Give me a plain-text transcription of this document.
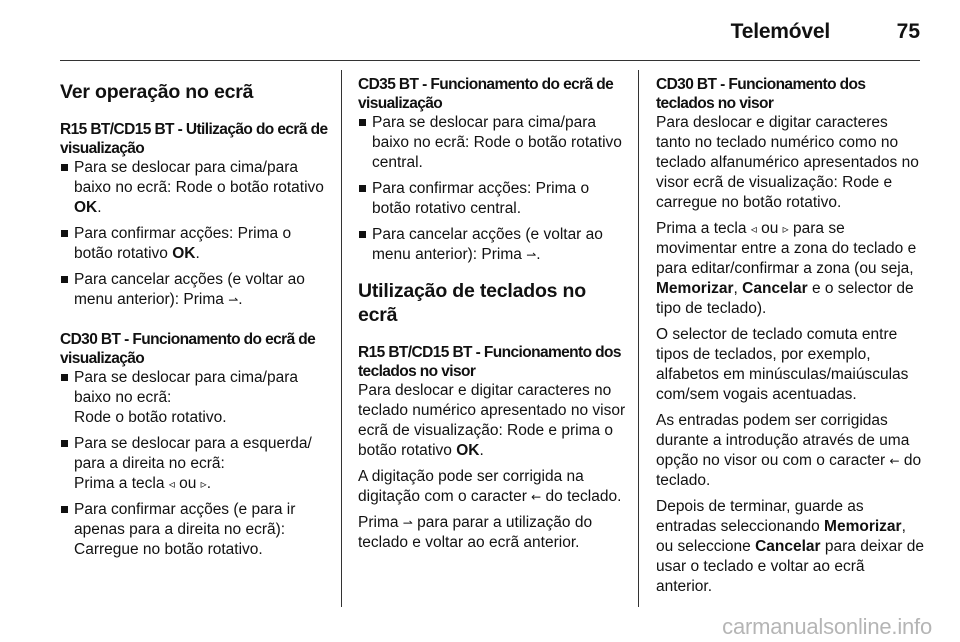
Telemóvel	75
Ver operação no ecrã
R15 BT/CD15 BT - Utilização do ecrã de visualização
Para se deslocar para cima/para baixo no ecrã: Rode o botão rotativo OK.
Para confirmar acções: Prima o botão rotativo OK.
Para cancelar acções (e voltar ao menu anterior): Prima ⇀.
CD30 BT - Funcionamento do ecrã de visualização
Para se deslocar para cima/para baixo no ecrã:
Rode o botão rotativo.
Para se deslocar para a esquerda/ para a direita no ecrã:
Prima a tecla ◃ ou ▹.
Para confirmar acções (e para ir apenas para a direita no ecrã):
Carregue no botão rotativo.
CD35 BT - Funcionamento do ecrã de visualização
Para se deslocar para cima/para baixo no ecrã: Rode o botão rotativo central.
Para confirmar acções: Prima o botão rotativo central.
Para cancelar acções (e voltar ao menu anterior): Prima ⇀.
Utilização de teclados no ecrã
R15 BT/CD15 BT - Funcionamento dos teclados no visor

Para deslocar e digitar caracteres no teclado numérico apresentado no visor ecrã de visualização: Rode e prima o botão rotativo OK.

A digitação pode ser corrigida na digitação com o caracter ← do teclado.

Prima ⇀ para parar a utilização do teclado e voltar ao ecrã anterior.

CD30 BT - Funcionamento dos teclados no visor

Para deslocar e digitar caracteres tanto no teclado numérico como no teclado alfanumérico apresentados no visor ecrã de visualização: Rode e carregue no botão rotativo.

Prima a tecla ◃ ou ▹ para se movimentar entre a zona do teclado e para editar/confirmar a zona (ou seja, Memorizar, Cancelar e o selector de tipo de teclado).

O selector de teclado comuta entre tipos de teclados, por exemplo, alfabetos em minúsculas/maiúsculas com/sem vogais acentuadas.

As entradas podem ser corrigidas durante a introdução através de uma opção no visor ou com o caracter ← do teclado.

Depois de terminar, guarde as entradas seleccionando Memorizar, ou seleccione Cancelar para deixar de usar o teclado e voltar ao ecrã anterior.

carmanualsonline.info
